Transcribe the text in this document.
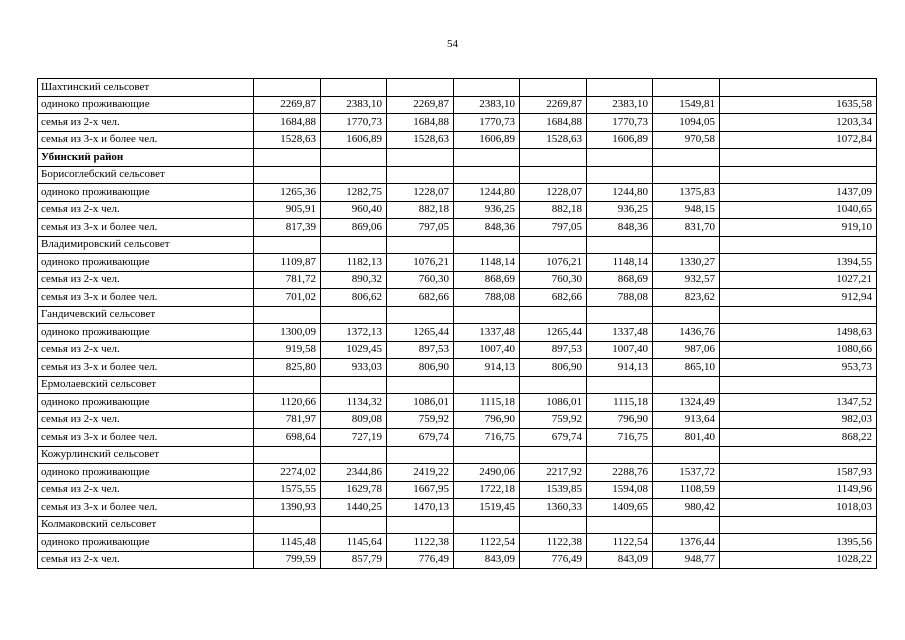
54
Шахтинский сельсовет								
одиноко проживающие	2269,87	2383,10	2269,87	2383,10	2269,87	2383,10	1549,81	1635,58
семья из 2-х чел.	1684,88	1770,73	1684,88	1770,73	1684,88	1770,73	1094,05	1203,34
семья из 3-х и более чел.	1528,63	1606,89	1528,63	1606,89	1528,63	1606,89	970,58	1072,84
Убинский район								
Борисоглебский сельсовет								
одиноко проживающие	1265,36	1282,75	1228,07	1244,80	1228,07	1244,80	1375,83	1437,09
семья из 2-х чел.	905,91	960,40	882,18	936,25	882,18	936,25	948,15	1040,65
семья из 3-х и более чел.	817,39	869,06	797,05	848,36	797,05	848,36	831,70	919,10
Владимировский сельсовет								
одиноко проживающие	1109,87	1182,13	1076,21	1148,14	1076,21	1148,14	1330,27	1394,55
семья из 2-х чел.	781,72	890,32	760,30	868,69	760,30	868,69	932,57	1027,21
семья из 3-х и более чел.	701,02	806,62	682,66	788,08	682,66	788,08	823,62	912,94
Гандичевский сельсовет								
одиноко проживающие	1300,09	1372,13	1265,44	1337,48	1265,44	1337,48	1436,76	1498,63
семья из 2-х чел.	919,58	1029,45	897,53	1007,40	897,53	1007,40	987,06	1080,66
семья из 3-х и более чел.	825,80	933,03	806,90	914,13	806,90	914,13	865,10	953,73
Ермолаевский сельсовет								
одиноко проживающие	1120,66	1134,32	1086,01	1115,18	1086,01	1115,18	1324,49	1347,52
семья из 2-х чел.	781,97	809,08	759,92	796,90	759,92	796,90	913,64	982,03
семья из 3-х и более чел.	698,64	727,19	679,74	716,75	679,74	716,75	801,40	868,22
Кожурлинский сельсовет								
одиноко проживающие	2274,02	2344,86	2419,22	2490,06	2217,92	2288,76	1537,72	1587,93
семья из 2-х чел.	1575,55	1629,78	1667,95	1722,18	1539,85	1594,08	1108,59	1149,96
семья из 3-х и более чел.	1390,93	1440,25	1470,13	1519,45	1360,33	1409,65	980,42	1018,03
Колмаковский сельсовет								
одиноко проживающие	1145,48	1145,64	1122,38	1122,54	1122,38	1122,54	1376,44	1395,56
семья из 2-х чел.	799,59	857,79	776,49	843,09	776,49	843,09	948,77	1028,22
